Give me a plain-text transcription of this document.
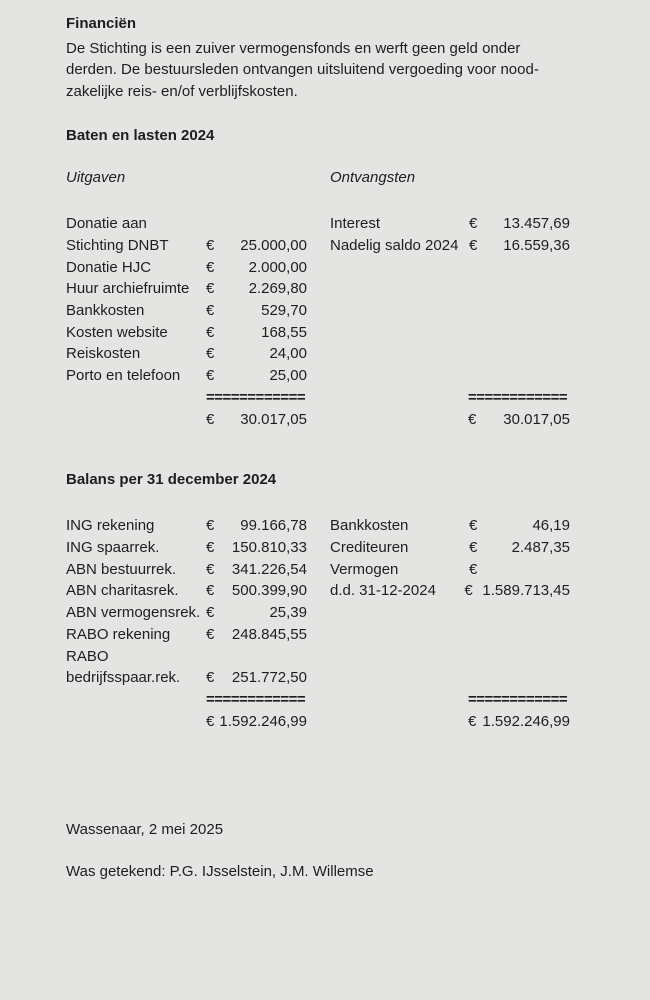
Financiën
De Stichting is een zuiver vermogensfonds en werft geen geld onder
derden. De bestuursleden ontvangen uitsluitend vergoeding voor nood-
zakelijke reis- en/of verblijfskosten.
Baten en lasten 2024
Uitgaven
Donatie aan
Stichting DNBT	€	25.000,00
Donatie HJC	€	2.000,00
Huur archiefruimte	€	2.269,80
Bankkosten	€	529,70
Kosten website	€	168,55
Reiskosten	€	24,00
Porto en telefoon	€	25,00
============
€ 30.017,05
Ontvangsten
Interest	€	13.457,69
Nadelig saldo 2024 €	16.559,36
============
€ 30.017,05
Balans per 31 december 2024
ING rekening	€	99.166,78
ING spaarrek.	€	150.810,33
ABN bestuurrek.	€	341.226,54
ABN charitasrek.	€	500.399,90
ABN vermogensrek. €	25,39
RABO rekening	€	248.845,55
RABO
bedrijfsspaar.rek.	€	251.772,50
============
€ 1.592.246,99
Bankkosten	€	46,19
Crediteuren	€	2.487,35
Vermogen	€
d.d. 31-12-2024	€ 1.589.713,45
============
€ 1.592.246,99
Wassenaar, 2 mei 2025
Was getekend: P.G. IJsselstein, J.M. Willemse
